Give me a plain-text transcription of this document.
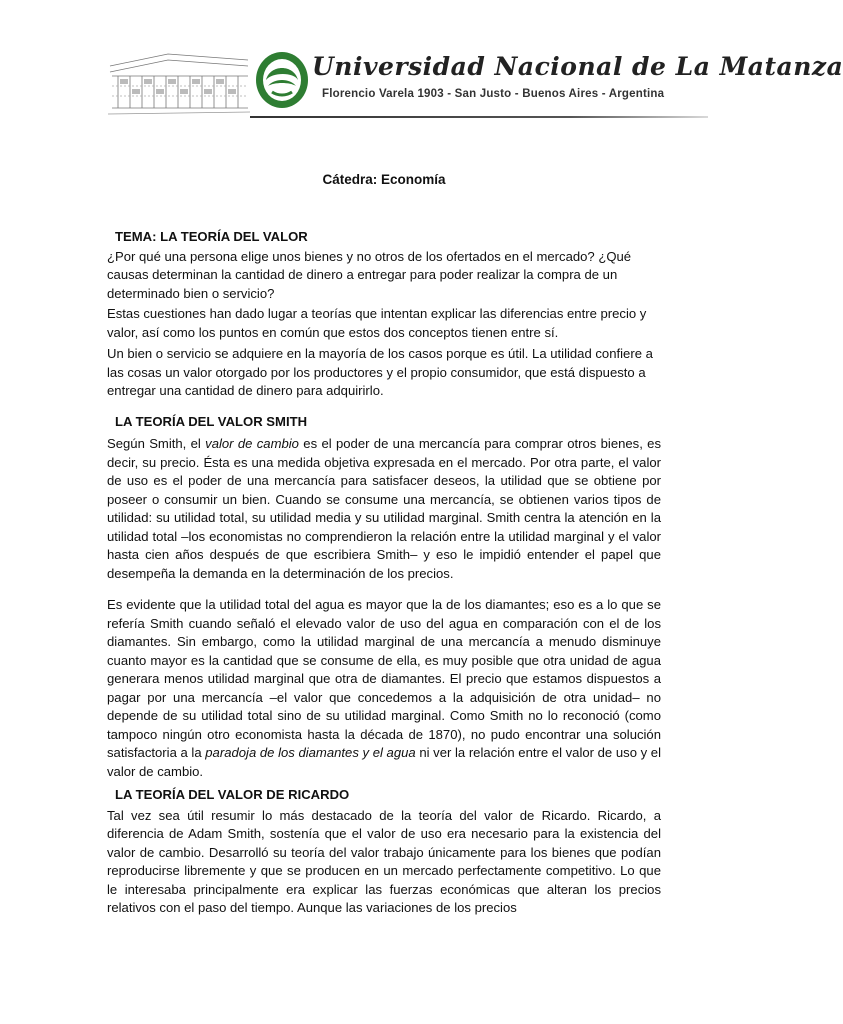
Universidad Nacional de La Matanza
Florencio Varela 1903 - San Justo - Buenos Aires - Argentina
Cátedra: Economía
TEMA: LA TEORÍA DEL VALOR

¿Por qué una persona elige unos bienes y no otros de los ofertados en el mercado? ¿Qué causas determinan la cantidad de dinero a entregar para poder realizar la compra de un determinado bien o servicio?

Estas cuestiones han dado lugar a teorías que intentan explicar las diferencias entre precio y valor, así como los puntos en común que estos dos conceptos tienen entre sí.

Un bien o servicio se adquiere en la mayoría de los casos porque es útil. La utilidad confiere a las cosas un valor otorgado por los productores y el propio consumidor, que está dispuesto a entregar una cantidad de dinero para adquirirlo.

LA TEORÍA DEL VALOR SMITH

Según Smith, el valor de cambio es el poder de una mercancía para comprar otros bienes, es decir, su precio. Ésta es una medida objetiva expresada en el mercado. Por otra parte, el valor de uso es el poder de una mercancía para satisfacer deseos, la utilidad que se obtiene por poseer o consumir un bien. Cuando se consume una mercancía, se obtienen varios tipos de utilidad: su utilidad total, su utilidad media y su utilidad marginal. Smith centra la atención en la utilidad total –los economistas no comprendieron la relación entre la utilidad marginal y el valor hasta cien años después de que escribiera Smith– y eso le impidió entender el papel que desempeña la demanda en la determinación de los precios.

Es evidente que la utilidad total del agua es mayor que la de los diamantes; eso es a lo que se refería Smith cuando señaló el elevado valor de uso del agua en comparación con el de los diamantes. Sin embargo, como la utilidad marginal de una mercancía a menudo disminuye cuanto mayor es la cantidad que se consume de ella, es muy posible que otra unidad de agua generara menos utilidad marginal que otra de diamantes. El precio que estamos dispuestos a pagar por una mercancía –el valor que concedemos a la adquisición de otra unidad– no depende de su utilidad total sino de su utilidad marginal. Como Smith no lo reconoció (como tampoco ningún otro economista hasta la década de 1870), no pudo encontrar una solución satisfactoria a la paradoja de los diamantes y el agua ni ver la relación entre el valor de uso y el valor de cambio.

LA TEORÍA DEL VALOR DE RICARDO

Tal vez sea útil resumir lo más destacado de la teoría del valor de Ricardo. Ricardo, a diferencia de Adam Smith, sostenía que el valor de uso era necesario para la existencia del valor de cambio. Desarrolló su teoría del valor trabajo únicamente para los bienes que podían reproducirse libremente y que se producen en un mercado perfectamente competitivo. Lo que le interesaba principalmente era explicar las fuerzas económicas que alteran los precios relativos con el paso del tiempo. Aunque las variaciones de los precios
